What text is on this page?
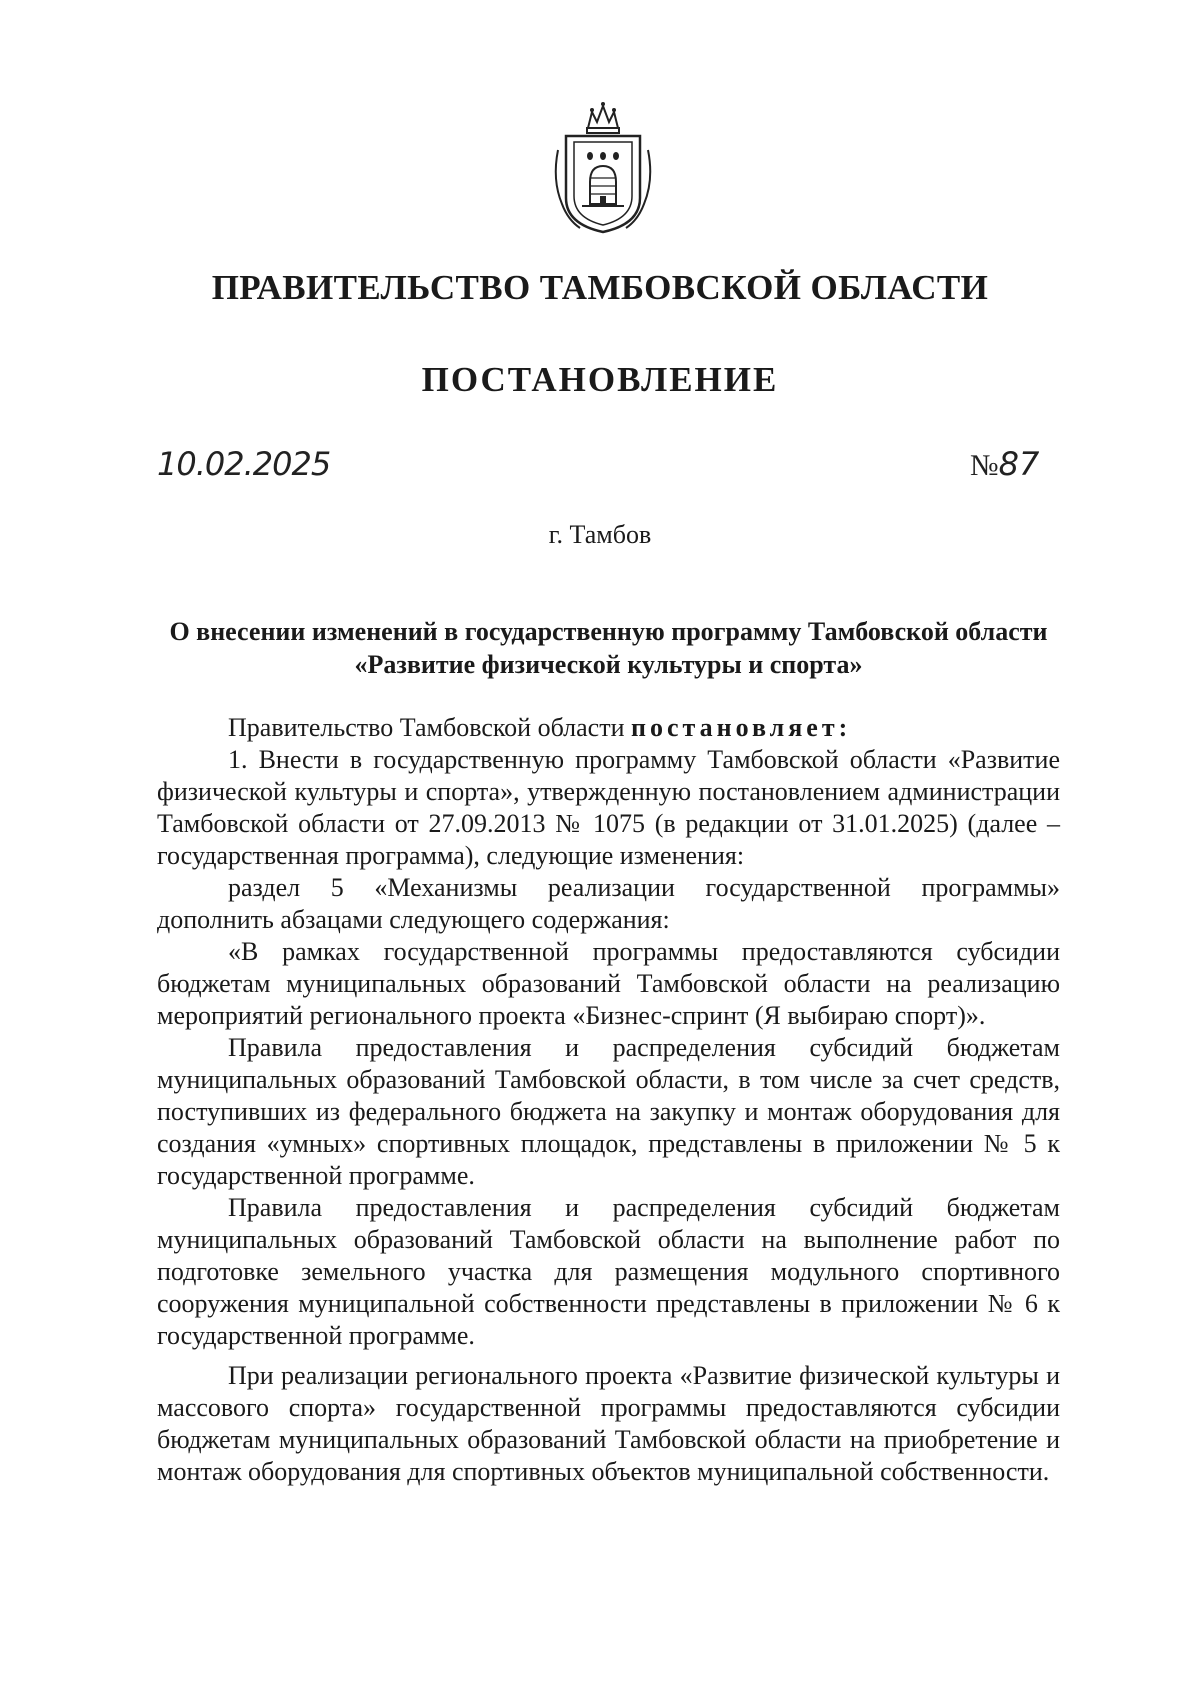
ПРАВИТЕЛЬСТВО ТАМБОВСКОЙ ОБЛАСТИ
ПОСТАНОВЛЕНИЕ
10.02.2025	№87
г. Тамбов
О внесении изменений в государственную программу Тамбовской области
«Развитие физической культуры и спорта»

Правительство Тамбовской области постановляет:

1. Внести в государственную программу Тамбовской области «Развитие физической культуры и спорта», утвержденную постановлением администрации Тамбовской области от 27.09.2013 № 1075 (в редакции от 31.01.2025) (далее – государственная программа), следующие изменения:

раздел 5 «Механизмы реализации государственной программы» дополнить абзацами следующего содержания:

«В рамках государственной программы предоставляются субсидии бюджетам муниципальных образований Тамбовской области на реализацию мероприятий регионального проекта «Бизнес-спринт (Я выбираю спорт)».

Правила предоставления и распределения субсидий бюджетам муниципальных образований Тамбовской области, в том числе за счет средств, поступивших из федерального бюджета на закупку и монтаж оборудования для создания «умных» спортивных площадок, представлены в приложении № 5 к государственной программе.

Правила предоставления и распределения субсидий бюджетам муниципальных образований Тамбовской области на выполнение работ по подготовке земельного участка для размещения модульного спортивного сооружения муниципальной собственности представлены в приложении № 6 к государственной программе.

При реализации регионального проекта «Развитие физической культуры и массового спорта» государственной программы предоставляются субсидии бюджетам муниципальных образований Тамбовской области на приобретение и монтаж оборудования для спортивных объектов муниципальной собственности.
